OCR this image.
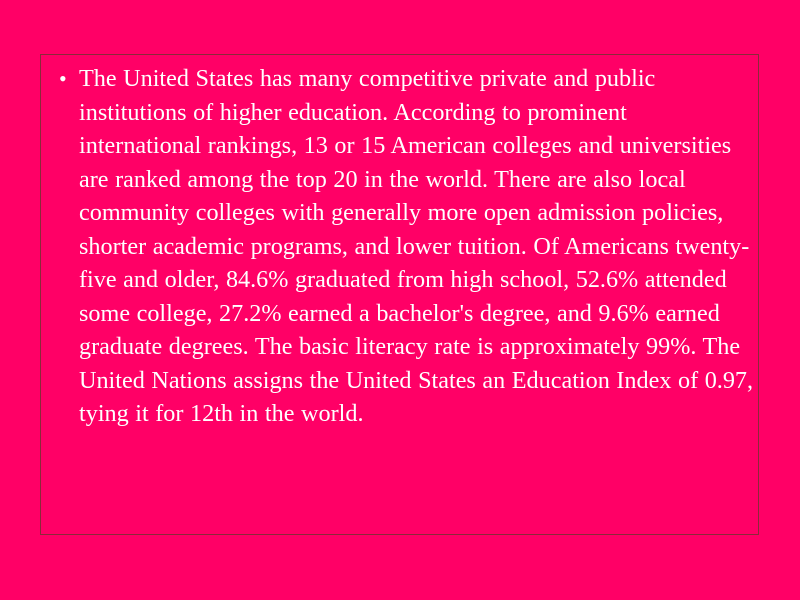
• The United States has many competitive private and public institutions of higher education. According to prominent international rankings, 13 or 15 American colleges and universities are ranked among the top 20 in the world. There are also local community colleges with generally more open admission policies, shorter academic programs, and lower tuition. Of Americans twenty-five and older, 84.6% graduated from high school, 52.6% attended some college, 27.2% earned a bachelor's degree, and 9.6% earned graduate degrees. The basic literacy rate is approximately 99%. The United Nations assigns the United States an Education Index of 0.97, tying it for 12th in the world.
